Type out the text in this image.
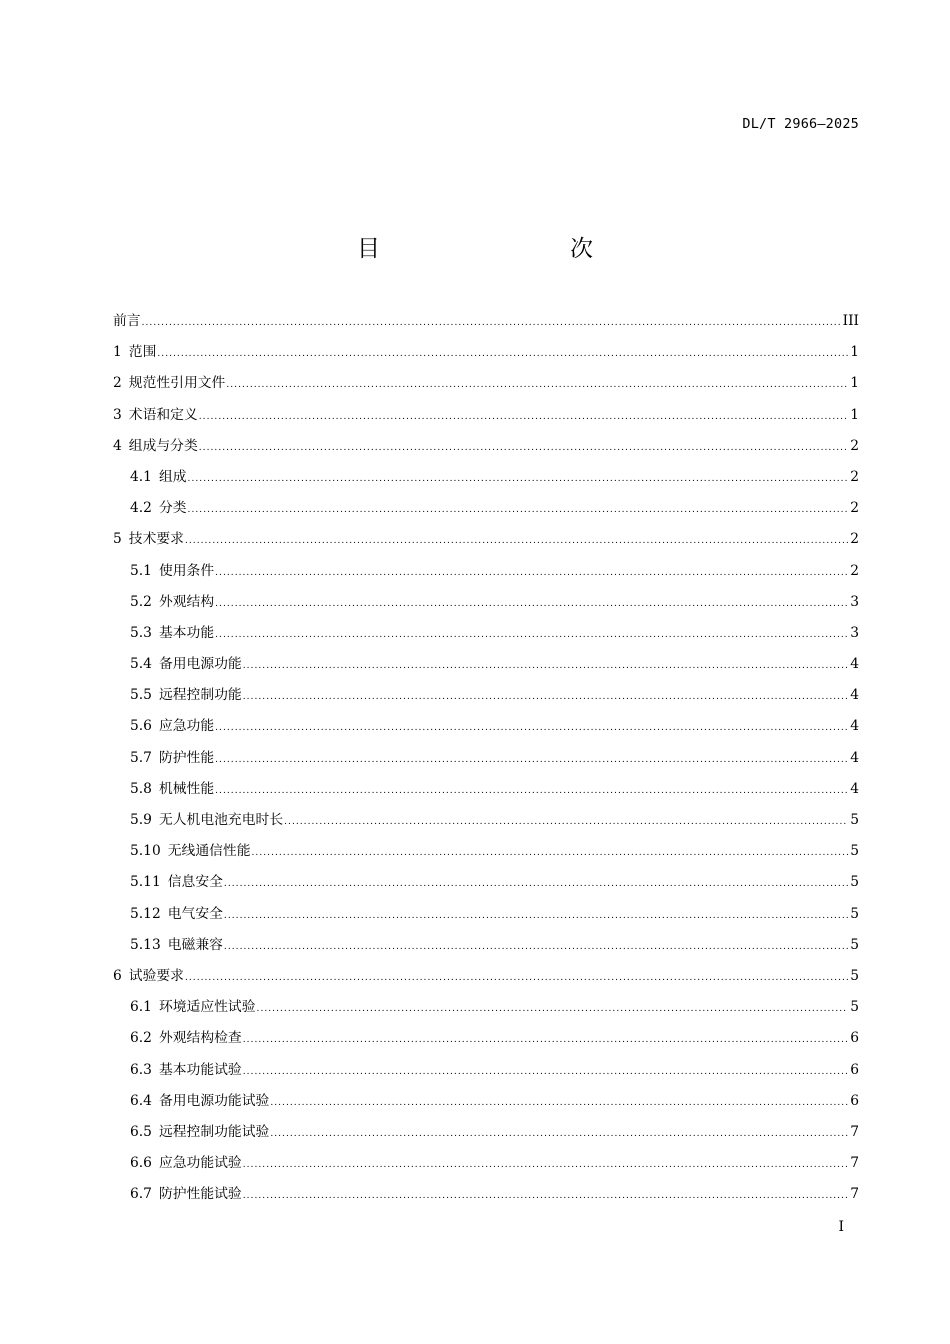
DL/T 2966—2025
目　　次
前言 .....	III
1 范围 .....	1
2 规范性引用文件 .....	1
3 术语和定义 .....	1
4 组成与分类 .....	2
4.1 组成 .....	2
4.2 分类 .....	2
5 技术要求 .....	2
5.1 使用条件 .....	2
5.2 外观结构 .....	3
5.3 基本功能 .....	3
5.4 备用电源功能 .....	4
5.5 远程控制功能 .....	4
5.6 应急功能 .....	4
5.7 防护性能 .....	4
5.8 机械性能 .....	4
5.9 无人机电池充电时长 .....	5
5.10 无线通信性能 .....	5
5.11 信息安全 .....	5
5.12 电气安全 .....	5
5.13 电磁兼容 .....	5
6 试验要求 .....	5
6.1 环境适应性试验 .....	5
6.2 外观结构检查 .....	6
6.3 基本功能试验 .....	6
6.4 备用电源功能试验 .....	6
6.5 远程控制功能试验 .....	7
6.6 应急功能试验 .....	7
6.7 防护性能试验 .....	7
I
